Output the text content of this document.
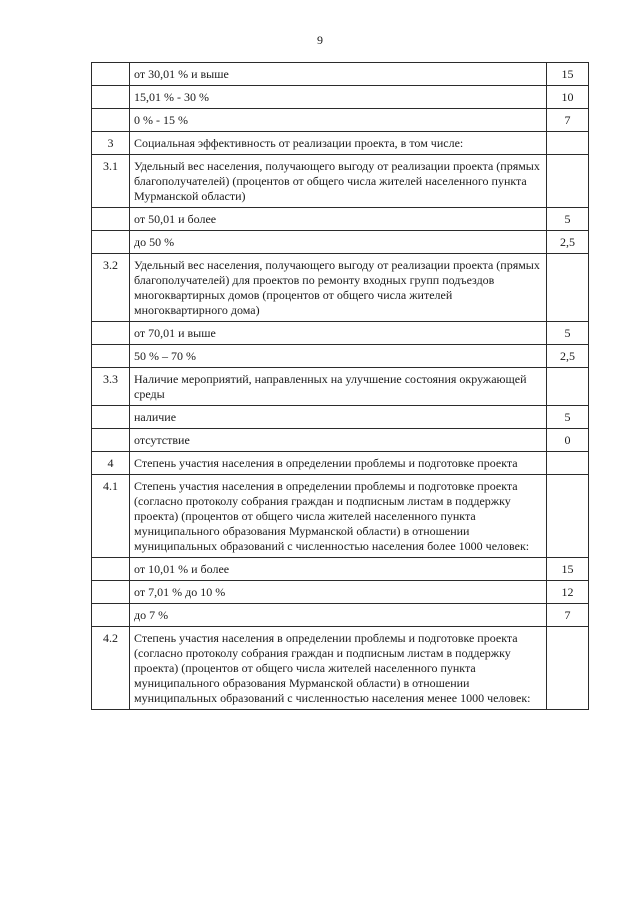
9
	от 30,01 % и выше	15
	15,01 % - 30 %	10
	0 % - 15 %	7
3	Социальная эффективность от реализации проекта, в том числе:	
3.1	Удельный вес населения, получающего выгоду от реализации проекта (прямых благополучателей) (процентов от общего числа жителей населенного пункта Мурманской области)	
	от 50,01 и более	5
	до 50 %	2,5
3.2	Удельный вес населения, получающего выгоду от реализации проекта (прямых благополучателей) для проектов по ремонту входных групп подъездов многоквартирных домов (процентов от общего числа жителей многоквартирного дома)	
	от 70,01 и выше	5
	50 % – 70 %	2,5
3.3	Наличие мероприятий, направленных на улучшение состояния окружающей среды	
	наличие	5
	отсутствие	0
4	Степень участия населения в определении проблемы и подготовке проекта	
4.1	Степень участия населения в определении проблемы и подготовке проекта (согласно протоколу собрания граждан и подписным листам в поддержку проекта) (процентов от общего числа жителей населенного пункта муниципального образования Мурманской области) в отношении муниципальных образований с численностью населения более 1000 человек:	
	от 10,01 % и более	15
	от 7,01 % до 10 %	12
	до 7 %	7
4.2	Степень участия населения в определении проблемы и подготовке проекта (согласно протоколу собрания граждан и подписным листам в поддержку проекта) (процентов от общего числа жителей населенного пункта муниципального образования Мурманской области) в отношении муниципальных образований с численностью населения менее 1000 человек:	
